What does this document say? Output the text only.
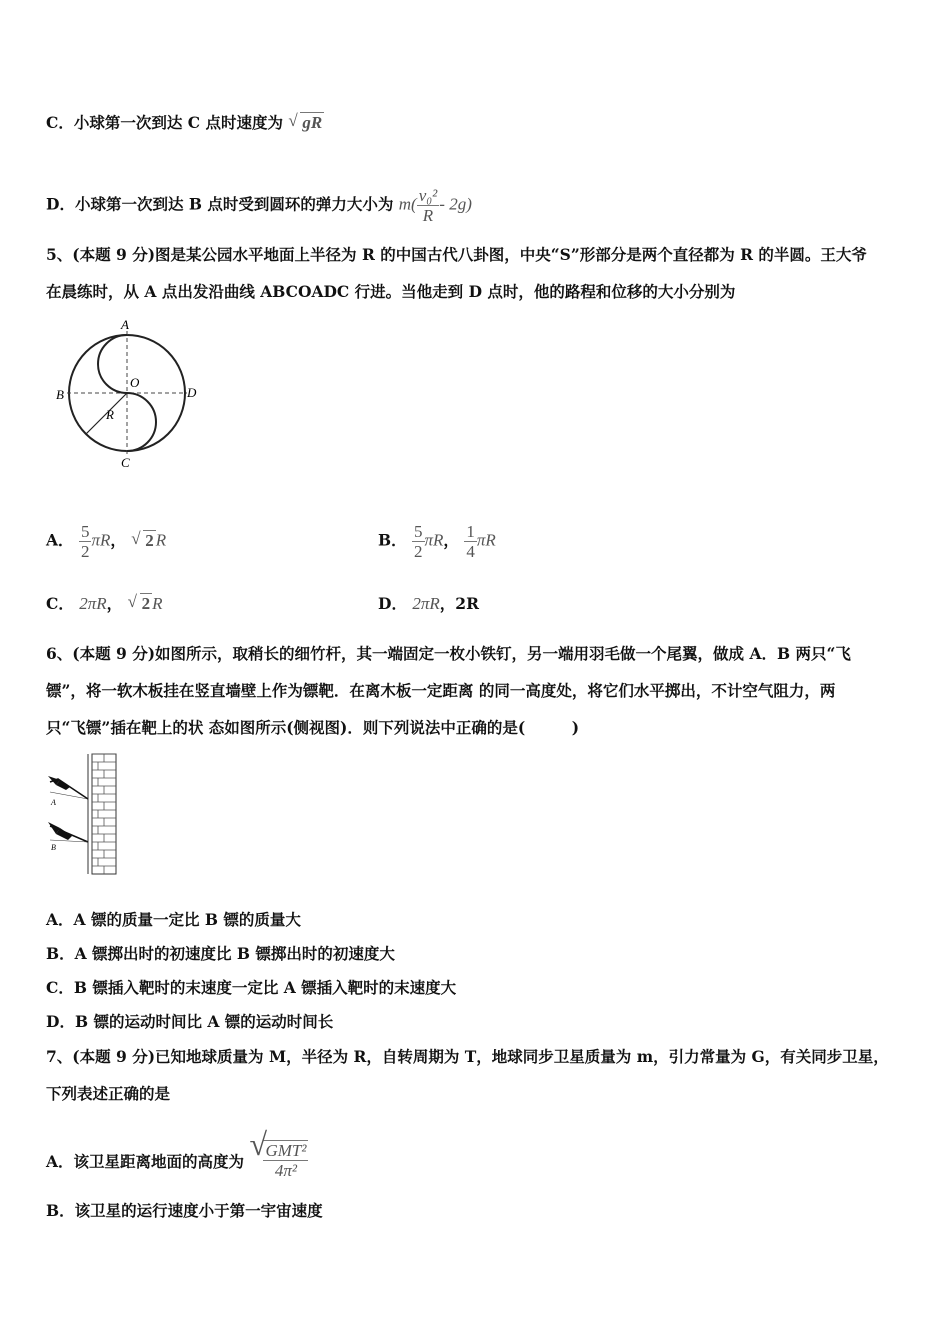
C．小球第一次到达 C 点时速度为 √ gR
D．小球第一次到达 B 点时受到圆环的弹力大小为 $m( \frac{\text{v₀²}}{R} - 2g)$
5、(本题 9 分)图是某公园水平地面上半径为 R 的中国古代八卦图，中央“S”形部分是两个直径都为 R 的半圆。王大爷
在晨练时，从 A 点出发沿曲线 ABCOADC 行进。当他走到 D 点时，他的路程和位移的大小分别为
A
B
O
D
R
C
A． $\frac{5}{2}$ πR， √ 2 R	B． $\frac{5}{2}$ πR， $\frac{1}{4}$ πR
C． 2πR， √ 2 R	D． 2πR，2R
6、(本题 9 分)如图所示，取稍长的细竹杆，其一端固定一枚小铁钉，另一端用羽毛做一个尾翼，做成 A．B 两只“飞
镖”，将一软木板挂在竖直墙壁上作为镖靶．在离木板一定距离 的同一高度处，将它们水平掷出，不计空气阻力，两
只“飞镖”插在靶上的状 态如图所示(侧视图)．则下列说法中正确的是(　　　)
A
B
A．A 镖的质量一定比 B 镖的质量大
B．A 镖掷出时的初速度比 B 镖掷出时的初速度大
C．B 镖插入靶时的末速度一定比 A 镖插入靶时的末速度大
D．B 镖的运动时间比 A 镖的运动时间长
7、(本题 9 分)已知地球质量为 M，半径为 R，自转周期为 T，地球同步卫星质量为 m，引力常量为 G，有关同步卫星，
下列表述正确的是
A．该卫星距离地面的高度为 √
$\frac{\text{GMT²}}{\text{4π²}}$
B．该卫星的运行速度小于第一宇宙速度
